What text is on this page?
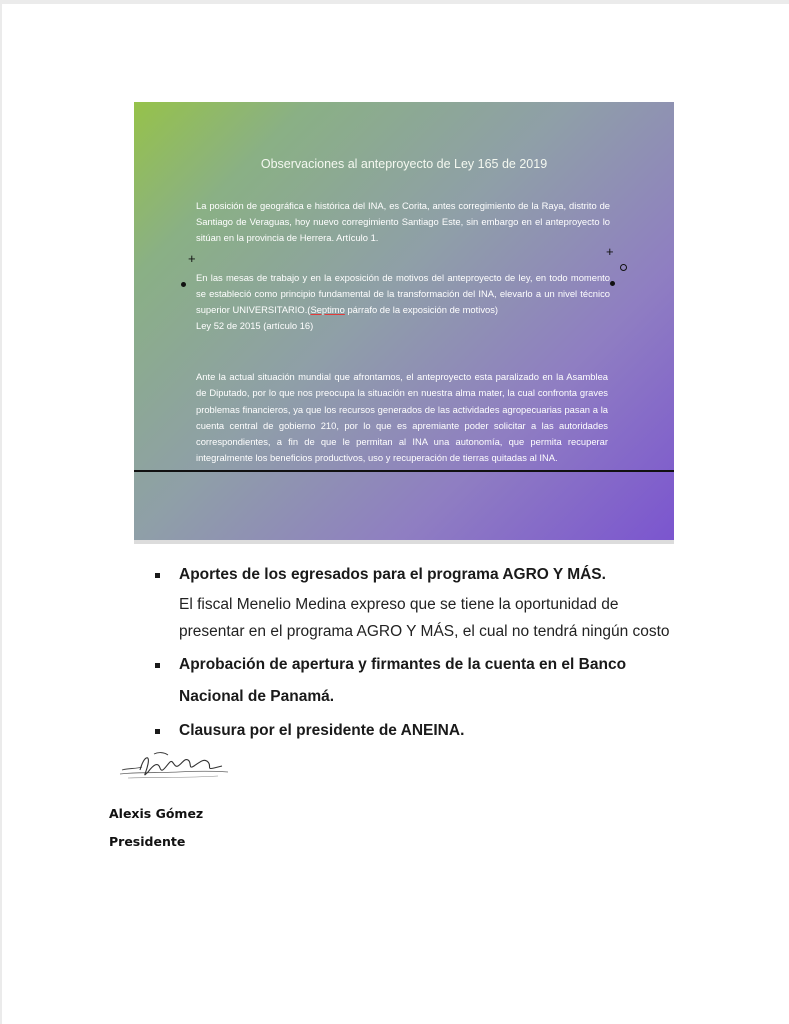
Observaciones al anteproyecto de Ley 165 de 2019
La posición de geográfica e histórica del INA, es Corita, antes corregimiento de la Raya, distrito de Santiago de Veraguas, hoy nuevo corregimiento Santiago Este, sin embargo en el anteproyecto lo sitúan en la provincia de Herrera. Artículo 1.
En las mesas de trabajo y en la exposición de motivos del anteproyecto de ley, en todo momento se estableció como principio fundamental de la transformación del INA, elevarlo a un nivel técnico superior UNIVERSITARIO.(Septimo párrafo de la exposición de motivos)
Ley 52 de 2015 (artículo 16)
Ante la actual situación mundial que afrontamos, el anteproyecto esta paralizado en la Asamblea de Diputado, por lo que nos preocupa la situación en nuestra alma mater, la cual confronta graves problemas financieros, ya que los recursos generados de las actividades agropecuarias pasan a la cuenta central de gobierno 210, por lo que es apremiante poder solicitar a las autoridades correspondientes, a fin de que le permitan al INA una autonomía, que permita recuperar integralmente los beneficios productivos, uso y recuperación de tierras quitadas al INA.
+	+
Aportes de los egresados para el programa AGRO Y MÁS.
El fiscal Menelio Medina expreso que se tiene la oportunidad de
presentar en el programa AGRO Y MÁS, el cual no tendrá ningún costo
Aprobación de apertura y firmantes de la cuenta en el Banco
Nacional de Panamá.
Clausura por el presidente de ANEINA.
Alexis Gómez
Presidente
